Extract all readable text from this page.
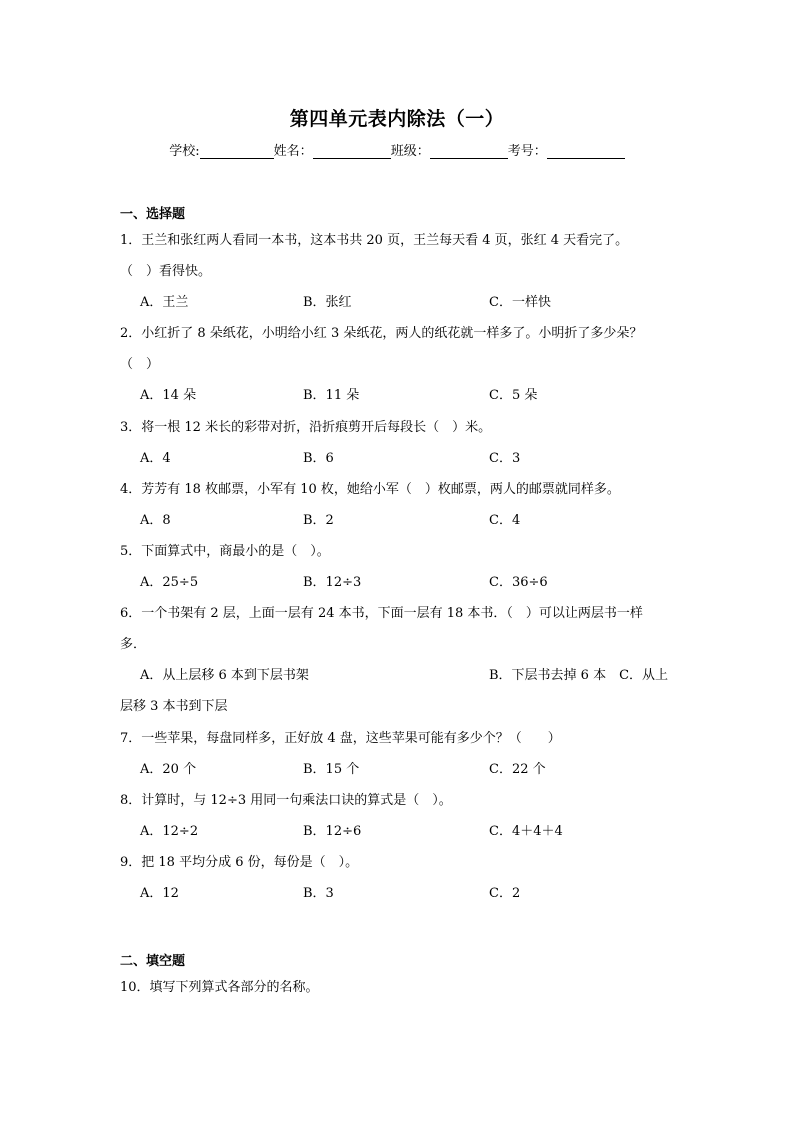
第四单元表内除法（一）
学校:	姓名：	班级：	考号：
一、选择题
1．王兰和张红两人看同一本书，这本书共 20 页，王兰每天看 4 页，张红 4 天看完了。
（　）看得快。
A．王兰	B．张红	C．一样快
2．小红折了 8 朵纸花，小明给小红 3 朵纸花，两人的纸花就一样多了。小明折了多少朵？
（　）
A．14 朵	B．11 朵	C．5 朵
3．将一根 12 米长的彩带对折，沿折痕剪开后每段长（　）米。
A．4	B．6	C．3
4．芳芳有 18 枚邮票，小军有 10 枚，她给小军（　）枚邮票，两人的邮票就同样多。
A．8	B．2	C．4
5．下面算式中，商最小的是（　）。
A．25÷5	B．12÷3	C．36÷6
6．一个书架有 2 层，上面一层有 24 本书，下面一层有 18 本书．（　）可以让两层书一样
多．
A．从上层移 6 本到下层书架	B．下层书去掉 6 本　C．从上
层移 3 本书到下层
7．一些苹果，每盘同样多，正好放 4 盘，这些苹果可能有多少个？（　　）
A．20 个	B．15 个	C．22 个
8．计算时，与 12÷3 用同一句乘法口诀的算式是（　）。
A．12÷2	B．12÷6	C．4＋4＋4
9．把 18 平均分成 6 份，每份是（　）。
A．12	B．3	C．2
二、填空题
10．填写下列算式各部分的名称。
